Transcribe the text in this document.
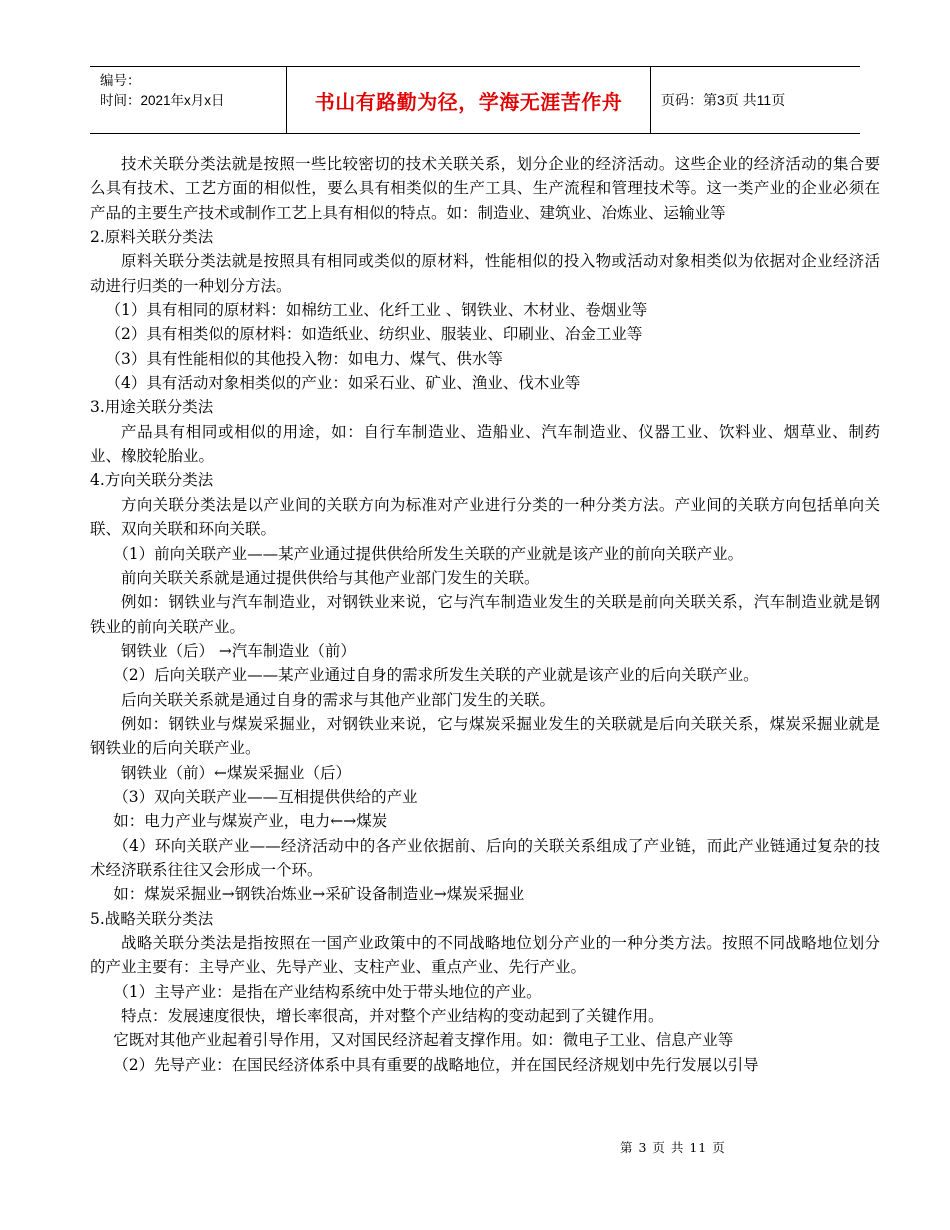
编号：
时间：2021年x月x日	书山有路勤为径，学海无涯苦作舟	页码：第3页 共11页

技术关联分类法就是按照一些比较密切的技术关联关系，划分企业的经济活动。这些企业的经济活动的集合要么具有技术、工艺方面的相似性，要么具有相类似的生产工具、生产流程和管理技术等。这一类产业的企业必须在产品的主要生产技术或制作工艺上具有相似的特点。如：制造业、建筑业、冶炼业、运输业等

2.原料关联分类法

原料关联分类法就是按照具有相同或类似的原材料，性能相似的投入物或活动对象相类似为依据对企业经济活动进行归类的一种划分方法。

（1）具有相同的原材料：如棉纺工业、化纤工业 、钢铁业、木材业、卷烟业等

（2）具有相类似的原材料：如造纸业、纺织业、服装业、印刷业、冶金工业等

（3）具有性能相似的其他投入物：如电力、煤气、供水等

（4）具有活动对象相类似的产业：如采石业、矿业、渔业、伐木业等

3.用途关联分类法

产品具有相同或相似的用途，如：自行车制造业、造船业、汽车制造业、仪器工业、饮料业、烟草业、制药业、橡胶轮胎业。

4.方向关联分类法

方向关联分类法是以产业间的关联方向为标准对产业进行分类的一种分类方法。产业间的关联方向包括单向关联、双向关联和环向关联。

（1）前向关联产业——某产业通过提供供给所发生关联的产业就是该产业的前向关联产业。

前向关联关系就是通过提供供给与其他产业部门发生的关联。

例如：钢铁业与汽车制造业，对钢铁业来说，它与汽车制造业发生的关联是前向关联关系，汽车制造业就是钢铁业的前向关联产业。

钢铁业（后） →汽车制造业（前）

（2）后向关联产业——某产业通过自身的需求所发生关联的产业就是该产业的后向关联产业。

后向关联关系就是通过自身的需求与其他产业部门发生的关联。

例如：钢铁业与煤炭采掘业，对钢铁业来说，它与煤炭采掘业发生的关联就是后向关联关系，煤炭采掘业就是钢铁业的后向关联产业。

钢铁业（前）←煤炭采掘业（后）

（3）双向关联产业——互相提供供给的产业

如：电力产业与煤炭产业，电力←→煤炭

（4）环向关联产业——经济活动中的各产业依据前、后向的关联关系组成了产业链，而此产业链通过复杂的技术经济联系往往又会形成一个环。

如：煤炭采掘业→钢铁冶炼业→采矿设备制造业→煤炭采掘业

5.战略关联分类法

战略关联分类法是指按照在一国产业政策中的不同战略地位划分产业的一种分类方法。按照不同战略地位划分的产业主要有：主导产业、先导产业、支柱产业、重点产业、先行产业。

（1）主导产业：是指在产业结构系统中处于带头地位的产业。

特点：发展速度很快，增长率很高，并对整个产业结构的变动起到了关键作用。

它既对其他产业起着引导作用，又对国民经济起着支撑作用。如：微电子工业、信息产业等

（2）先导产业：在国民经济体系中具有重要的战略地位，并在国民经济规划中先行发展以引导

第 3 页 共 11 页
